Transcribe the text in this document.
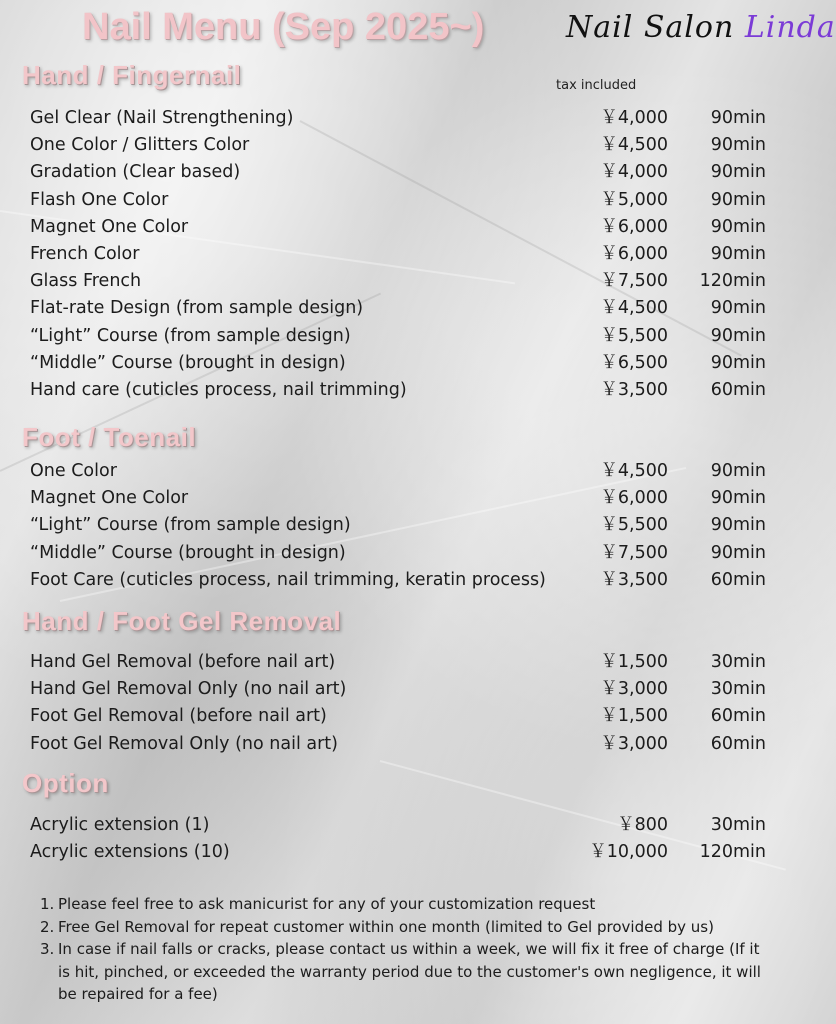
Nail Menu (Sep 2025~)	Nail Salon Linda
tax included
Hand / Fingernail
Gel Clear (Nail Strengthening)	￥4,000 90min
One Color / Glitters Color	￥4,500 90min
Gradation (Clear based)	￥4,000 90min
Flash One Color	￥5,000 90min
Magnet One Color	￥6,000 90min
French Color	￥6,000 90min
Glass French	￥7,500 120min
Flat-rate Design (from sample design)	￥4,500 90min
“Light” Course (from sample design)	￥5,500 90min
“Middle” Course (brought in design)	￥6,500 90min
Hand care (cuticles process, nail trimming)	￥3,500 60min
Foot / Toenail
One Color	￥4,500 90min
Magnet One Color	￥6,000 90min
“Light” Course (from sample design)	￥5,500 90min
“Middle” Course (brought in design)	￥7,500 90min
Foot Care (cuticles process, nail trimming, keratin process)	￥3,500 60min
Hand / Foot Gel Removal
Hand Gel Removal (before nail art)	￥1,500 30min
Hand Gel Removal Only (no nail art)	￥3,000 30min
Foot Gel Removal (before nail art)	￥1,500 60min
Foot Gel Removal Only (no nail art)	￥3,000 60min
Option
Acrylic extension (1)	￥800 30min
Acrylic extensions (10)	￥10,000 120min
1. Please feel free to ask manicurist for any of your customization request
2. Free Gel Removal for repeat customer within one month (limited to Gel provided by us)
3. In case if nail falls or cracks, please contact us within a week, we will fix it free of charge (If it is hit, pinched, or exceeded the warranty period due to the customer's own negligence, it will be repaired for a fee)
